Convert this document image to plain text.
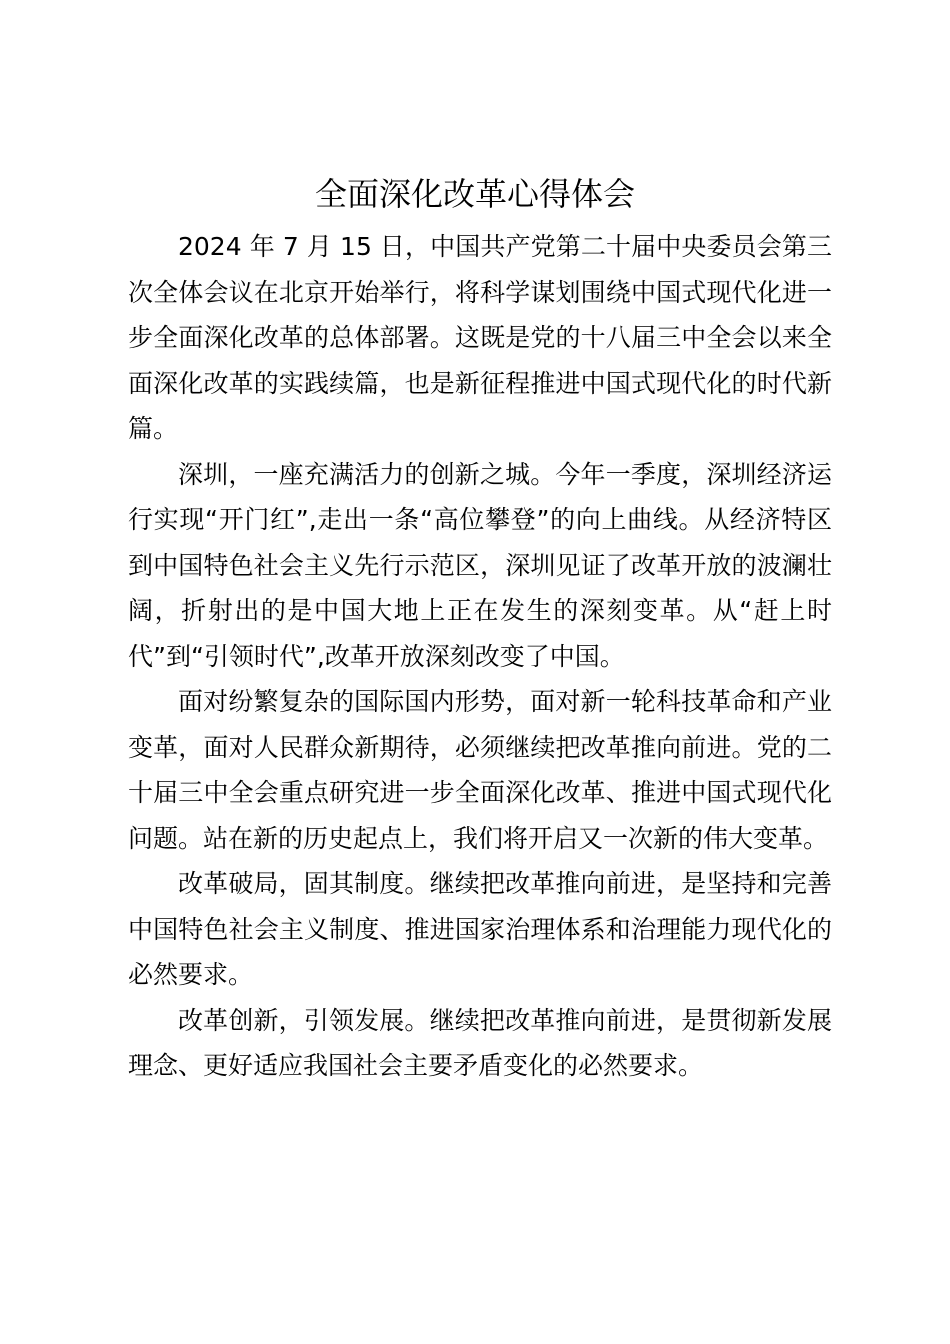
全面深化改革心得体会

2024 年 7 月 15 日，中国共产党第二十届中央委员会第三次全体会议在北京开始举行，将科学谋划围绕中国式现代化进一步全面深化改革的总体部署。这既是党的十八届三中全会以来全面深化改革的实践续篇，也是新征程推进中国式现代化的时代新篇。

深圳，一座充满活力的创新之城。今年一季度，深圳经济运行实现“开门红”,走出一条“高位攀登”的向上曲线。从经济特区到中国特色社会主义先行示范区，深圳见证了改革开放的波澜壮阔，折射出的是中国大地上正在发生的深刻变革。从“赶上时代”到“引领时代”,改革开放深刻改变了中国。

面对纷繁复杂的国际国内形势，面对新一轮科技革命和产业变革，面对人民群众新期待，必须继续把改革推向前进。党的二十届三中全会重点研究进一步全面深化改革、推进中国式现代化问题。站在新的历史起点上，我们将开启又一次新的伟大变革。

改革破局，固其制度。继续把改革推向前进，是坚持和完善中国特色社会主义制度、推进国家治理体系和治理能力现代化的必然要求。

改革创新，引领发展。继续把改革推向前进，是贯彻新发展理念、更好适应我国社会主要矛盾变化的必然要求。
